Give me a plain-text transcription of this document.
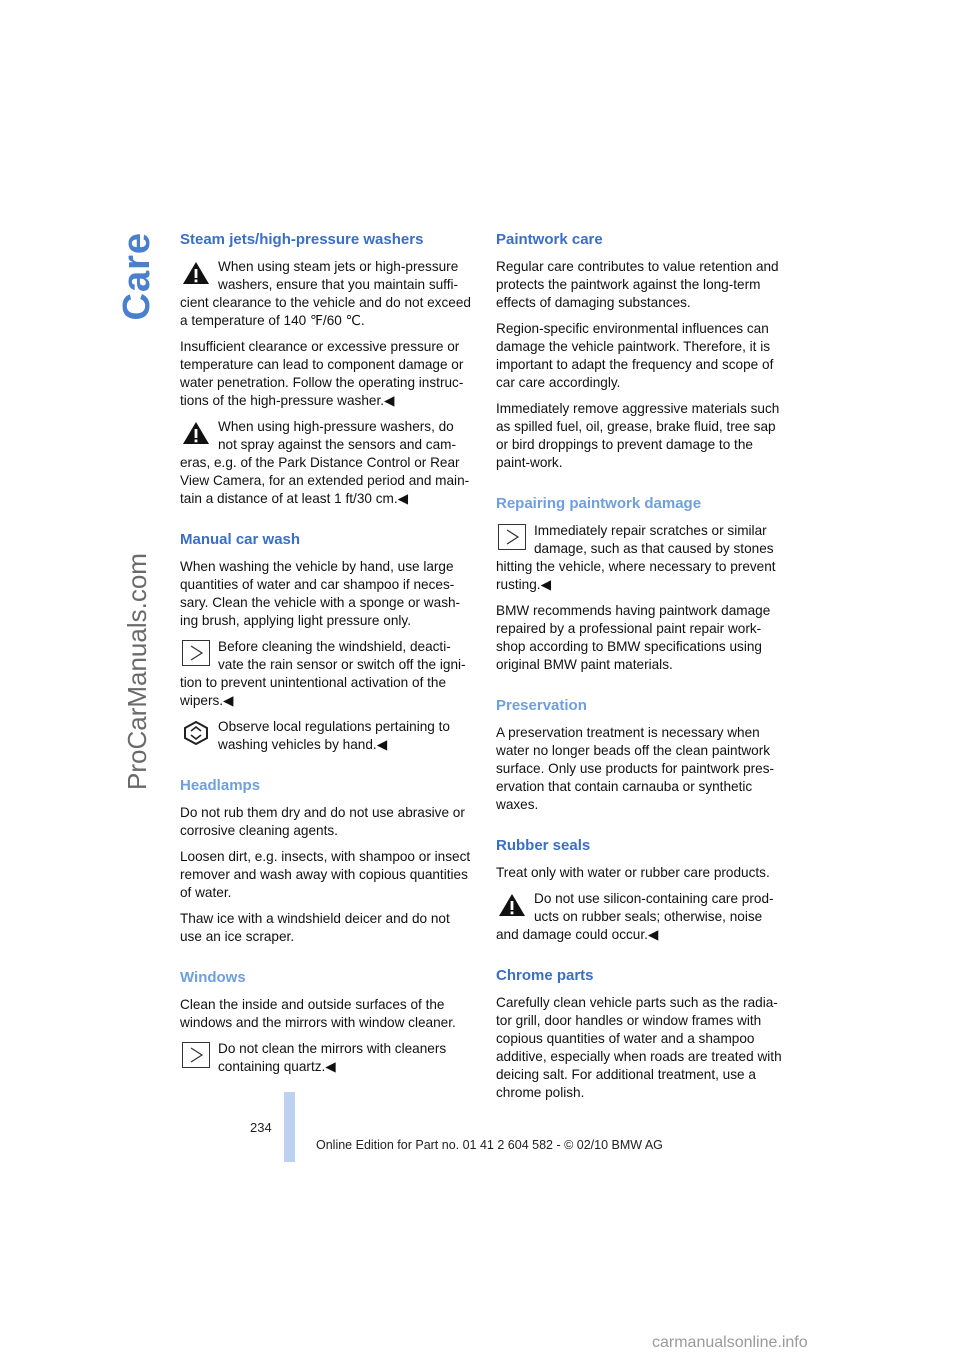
Care
ProCarManuals.com
Steam jets/high-pressure washers
When using steam jets or high-pressure washers, ensure that you maintain suffi-cient clearance to the vehicle and do not exceed a temperature of 140 ℉/60 ℃.

Insufficient clearance or excessive pressure or temperature can lead to component damage or water penetration. Follow the operating instruc-tions of the high-pressure washer.◀

When using high-pressure washers, do not spray against the sensors and cam-eras, e.g. of the Park Distance Control or Rear View Camera, for an extended period and main-tain a distance of at least 1 ft/30 cm.◀
Manual car wash

When washing the vehicle by hand, use large quantities of water and car shampoo if neces-sary. Clean the vehicle with a sponge or wash-ing brush, applying light pressure only.

Before cleaning the windshield, deacti-vate the rain sensor or switch off the igni-tion to prevent unintentional activation of the wipers.◀
Observe local regulations pertaining to washing vehicles by hand.◀
Headlamps

Do not rub them dry and do not use abrasive or corrosive cleaning agents.

Loosen dirt, e.g. insects, with shampoo or insect remover and wash away with copious quantities of water.

Thaw ice with a windshield deicer and do not use an ice scraper.

Windows

Clean the inside and outside surfaces of the windows and the mirrors with window cleaner.

Do not clean the mirrors with cleaners containing quartz.◀
Paintwork care

Regular care contributes to value retention and protects the paintwork against the long-term effects of damaging substances.

Region-specific environmental influences can damage the vehicle paintwork. Therefore, it is important to adapt the frequency and scope of car care accordingly.

Immediately remove aggressive materials such as spilled fuel, oil, grease, brake fluid, tree sap or bird droppings to prevent damage to the paint-work.

Repairing paintwork damage
Immediately repair scratches or similar damage, such as that caused by stones hitting the vehicle, where necessary to prevent rusting.◀

BMW recommends having paintwork damage repaired by a professional paint repair work-shop according to BMW specifications using original BMW paint materials.

Preservation

A preservation treatment is necessary when water no longer beads off the clean paintwork surface. Only use products for paintwork pres-ervation that contain carnauba or synthetic waxes.

Rubber seals

Treat only with water or rubber care products.

Do not use silicon-containing care prod-ucts on rubber seals; otherwise, noise and damage could occur.◀
Chrome parts

Carefully clean vehicle parts such as the radia-tor grill, door handles or window frames with copious quantities of water and a shampoo additive, especially when roads are treated with deicing salt. For additional treatment, use a chrome polish.

234
Online Edition for Part no. 01 41 2 604 582 - © 02/10 BMW AG
carmanualsonline.info
